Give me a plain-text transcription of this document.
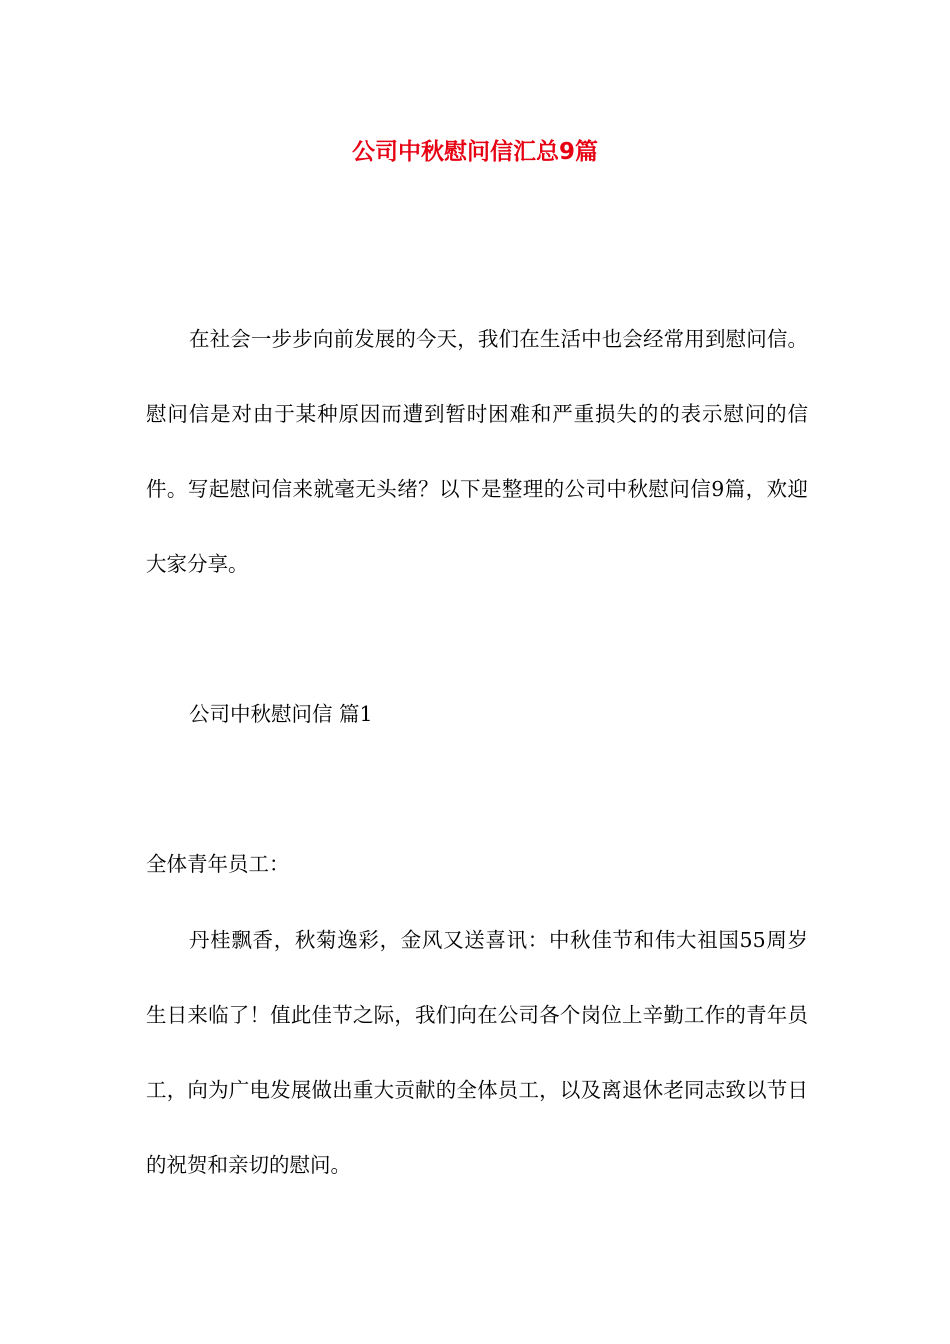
公司中秋慰问信汇总9篇

在社会一步步向前发展的今天，我们在生活中也会经常用到慰问信。慰问信是对由于某种原因而遭到暂时困难和严重损失的的表示慰问的信件。写起慰问信来就毫无头绪？以下是整理的公司中秋慰问信9篇，欢迎大家分享。

公司中秋慰问信 篇1

全体青年员工：

丹桂飘香，秋菊逸彩，金风又送喜讯：中秋佳节和伟大祖国55周岁生日来临了！值此佳节之际，我们向在公司各个岗位上辛勤工作的青年员工，向为广电发展做出重大贡献的全体员工，以及离退休老同志致以节日的祝贺和亲切的慰问。
